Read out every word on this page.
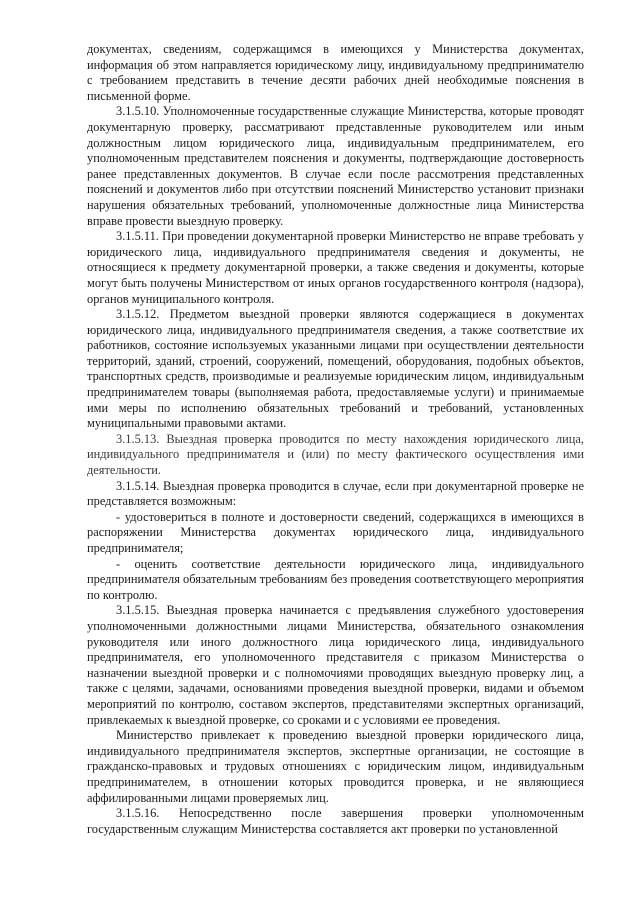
документах, сведениям, содержащимся в имеющихся у Министерства документах, информация об этом направляется юридическому лицу, индивидуальному предпринимателю с требованием представить в течение десяти рабочих дней необходимые пояснения в письменной форме.

3.1.5.10. Уполномоченные государственные служащие Министерства, которые проводят документарную проверку, рассматривают представленные руководителем или иным должностным лицом юридического лица, индивидуальным предпринимателем, его уполномоченным представителем пояснения и документы, подтверждающие достоверность ранее представленных документов. В случае если после рассмотрения представленных пояснений и документов либо при отсутствии пояснений Министерство установит признаки нарушения обязательных требований, уполномоченные должностные лица Министерства вправе провести выездную проверку.

3.1.5.11. При проведении документарной проверки Министерство не вправе требовать у юридического лица, индивидуального предпринимателя сведения и документы, не относящиеся к предмету документарной проверки, а также сведения и документы, которые могут быть получены Министерством от иных органов государственного контроля (надзора), органов муниципального контроля.

3.1.5.12. Предметом выездной проверки являются содержащиеся в документах юридического лица, индивидуального предпринимателя сведения, а также соответствие их работников, состояние используемых указанными лицами при осуществлении деятельности территорий, зданий, строений, сооружений, помещений, оборудования, подобных объектов, транспортных средств, производимые и реализуемые юридическим лицом, индивидуальным предпринимателем товары (выполняемая работа, предоставляемые услуги) и принимаемые ими меры по исполнению обязательных требований и требований, установленных муниципальными правовыми актами.

3.1.5.13. Выездная проверка проводится по месту нахождения юридического лица, индивидуального предпринимателя и (или) по месту фактического осуществления ими деятельности.

3.1.5.14. Выездная проверка проводится в случае, если при документарной проверке не представляется возможным:

- удостовериться в полноте и достоверности сведений, содержащихся в имеющихся в распоряжении Министерства документах юридического лица, индивидуального предпринимателя;

- оценить соответствие деятельности юридического лица, индивидуального предпринимателя обязательным требованиям без проведения соответствующего мероприятия по контролю.

3.1.5.15. Выездная проверка начинается с предъявления служебного удостоверения уполномоченными должностными лицами Министерства, обязательного ознакомления руководителя или иного должностного лица юридического лица, индивидуального предпринимателя, его уполномоченного представителя с приказом Министерства о назначении выездной проверки и с полномочиями проводящих выездную проверку лиц, а также с целями, задачами, основаниями проведения выездной проверки, видами и объемом мероприятий по контролю, составом экспертов, представителями экспертных организаций, привлекаемых к выездной проверке, со сроками и с условиями ее проведения.

Министерство привлекает к проведению выездной проверки юридического лица, индивидуального предпринимателя экспертов, экспертные организации, не состоящие в гражданско-правовых и трудовых отношениях с юридическим лицом, индивидуальным предпринимателем, в отношении которых проводится проверка, и не являющиеся аффилированными лицами проверяемых лиц.

3.1.5.16. Непосредственно после завершения проверки уполномоченным государственным служащим Министерства составляется акт проверки по установленной
